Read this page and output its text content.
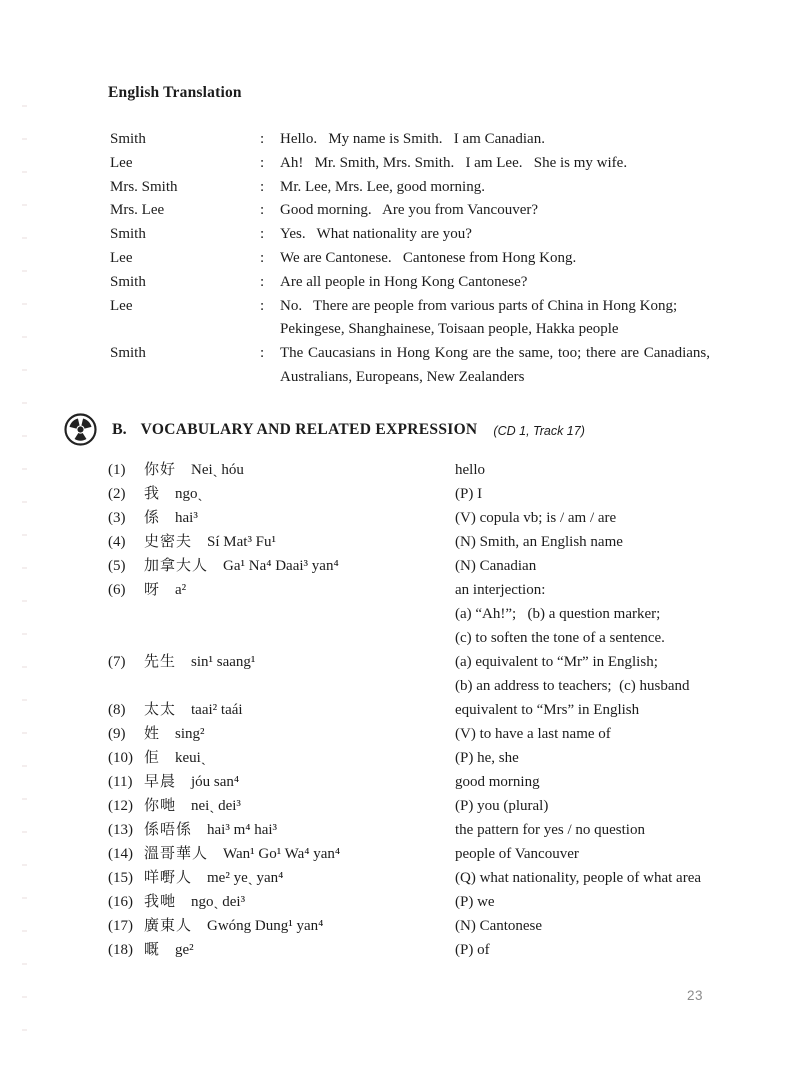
English Translation
Smith	:	Hello.   My name is Smith.   I am Canadian.
Lee	:	Ah!   Mr. Smith, Mrs. Smith.   I am Lee.   She is my wife.
Mrs. Smith	:	Mr. Lee, Mrs. Lee, good morning.
Mrs. Lee	:	Good morning.   Are you from Vancouver?
Smith	:	Yes.   What nationality are you?
Lee	:	We are Cantonese.   Cantonese from Hong Kong.
Smith	:	Are all people in Hong Kong Cantonese?
Lee	:	No.   There are people from various parts of China in Hong Kong; Pekingese, Shanghainese, Toisaan people, Hakka people
Smith	:	The Caucasians in Hong Kong are the same, too; there are Canadians, Australians, Europeans, New Zealanders
B. VOCABULARY AND RELATED EXPRESSION (CD 1, Track 17)
(1)	你好 Neiˎ hóu	hello
(2)	我 ngoˎ	(P) I
(3)	係 hai³	(V) copula vb; is / am / are
(4)	史密夫 Sí Mat³ Fu¹	(N) Smith, an English name
(5)	加拿大人 Ga¹ Na⁴ Daai³ yan⁴	(N) Canadian
(6)	呀 a²	an interjection:
(a) “Ah!”;   (b) a question marker;
(c) to soften the tone of a sentence.
(7)	先生 sin¹ saang¹	(a) equivalent to “Mr” in English;
(b) an address to teachers;  (c) husband
(8)	太太 taai² taái	equivalent to “Mrs” in English
(9)	姓 sing²	(V) to have a last name of
(10) 佢 keuiˎ	(P) he, she
(11) 早晨 jóu san⁴	good morning
(12) 你哋 neiˎ dei³	(P) you (plural)
(13) 係唔係 hai³ m⁴ hai³	the pattern for yes / no question
(14) 溫哥華人 Wan¹ Go¹ Wa⁴ yan⁴	people of Vancouver
(15) 咩嘢人 me² yeˎ yan⁴	(Q) what nationality, people of what area
(16) 我哋 ngoˎ dei³	(P) we
(17) 廣東人 Gwóng Dung¹ yan⁴	(N) Cantonese
(18) 嘅 ge²	(P) of
23
